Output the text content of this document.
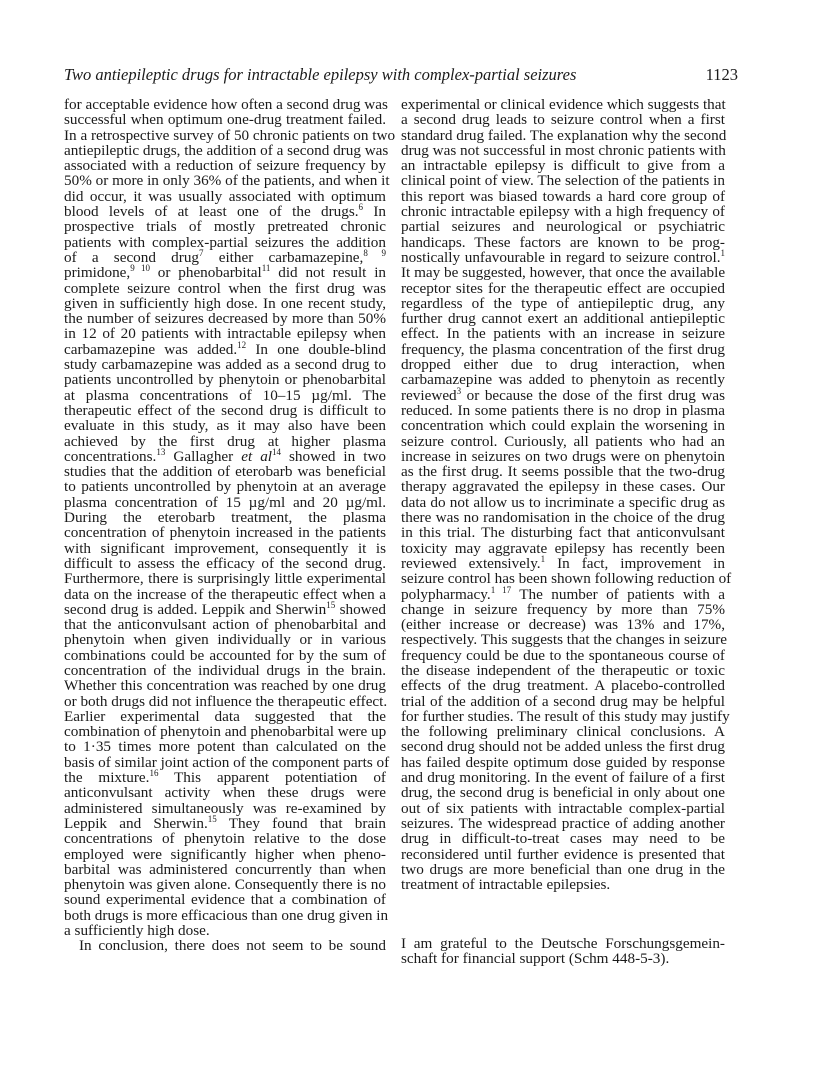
Two antiepileptic drugs for intractable epilepsy with complex-partial seizures	1123
for acceptable evidence how often a second drug was
successful when optimum one-drug treatment failed.
In a retrospective survey of 50 chronic patients on two
antiepileptic drugs, the addition of a second drug was
associated with a reduction of seizure frequency by
50% or more in only 36% of the patients, and when it
did occur, it was usually associated with optimum
blood levels of at least one of the drugs.$^6$ In
prospective trials of mostly pretreated chronic
patients with complex-partial seizures the addition
of a second drug$^7$ either carbamazepine,$^{8 9}$
primidone,$^{9 10}$ or phenobarbital$^{11}$ did not result in
complete seizure control when the first drug was
given in sufficiently high dose. In one recent study,
the number of seizures decreased by more than 50%
in 12 of 20 patients with intractable epilepsy when
carbamazepine was added.$^{12}$ In one double-blind
study carbamazepine was added as a second drug to
patients uncontrolled by phenytoin or phenobarbital
at plasma concentrations of 10–15 µg/ml. The
therapeutic effect of the second drug is difficult to
evaluate in this study, as it may also have been
achieved by the first drug at higher plasma
concentrations.$^{13}$ Gallagher et $al^{14}$ showed in two
studies that the addition of eterobarb was beneficial
to patients uncontrolled by phenytoin at an average
plasma concentration of 15 µg/ml and 20 µg/ml.
During the eterobarb treatment, the plasma
concentration of phenytoin increased in the patients
with significant improvement, consequently it is
difficult to assess the efficacy of the second drug.
Furthermore, there is surprisingly little experimental
data on the increase of the therapeutic effect when a
second drug is added. Leppik and Sherwin$^{15}$ showed
that the anticonvulsant action of phenobarbital and
phenytoin when given individually or in various
combinations could be accounted for by the sum of
concentration of the individual drugs in the brain.
Whether this concentration was reached by one drug
or both drugs did not influence the therapeutic effect.
Earlier experimental data suggested that the
combination of phenytoin and phenobarbital were up
to 1·35 times more potent than calculated on the
basis of similar joint action of the component parts of
the mixture.$^{16}$ This apparent potentiation of
anticonvulsant activity when these drugs were
administered simultaneously was re-examined by
Leppik and Sherwin.$^{15}$ They found that brain
concentrations of phenytoin relative to the dose
employed were significantly higher when pheno-
barbital was administered concurrently than when
phenytoin was given alone. Consequently there is no
sound experimental evidence that a combination of
both drugs is more efficacious than one drug given in
a sufficiently high dose.
In conclusion, there does not seem to be sound
experimental or clinical evidence which suggests that
a second drug leads to seizure control when a first
standard drug failed. The explanation why the second
drug was not successful in most chronic patients with
an intractable epilepsy is difficult to give from a
clinical point of view. The selection of the patients in
this report was biased towards a hard core group of
chronic intractable epilepsy with a high frequency of
partial seizures and neurological or psychiatric
handicaps. These factors are known to be prog-
nostically unfavourable in regard to seizure control.$^1$
It may be suggested, however, that once the available
receptor sites for the therapeutic effect are occupied
regardless of the type of antiepileptic drug, any
further drug cannot exert an additional antiepileptic
effect. In the patients with an increase in seizure
frequency, the plasma concentration of the first drug
dropped either due to drug interaction, when
carbamazepine was added to phenytoin as recently
reviewed$^3$ or because the dose of the first drug was
reduced. In some patients there is no drop in plasma
concentration which could explain the worsening in
seizure control. Curiously, all patients who had an
increase in seizures on two drugs were on phenytoin
as the first drug. It seems possible that the two-drug
therapy aggravated the epilepsy in these cases. Our
data do not allow us to incriminate a specific drug as
there was no randomisation in the choice of the drug
in this trial. The disturbing fact that anticonvulsant
toxicity may aggravate epilepsy has recently been
reviewed extensively.$^1$ In fact, improvement in
seizure control has been shown following reduction of
polypharmacy.$^{1 17}$ The number of patients with a
change in seizure frequency by more than 75%
(either increase or decrease) was 13% and 17%,
respectively. This suggests that the changes in seizure
frequency could be due to the spontaneous course of
the disease independent of the therapeutic or toxic
effects of the drug treatment. A placebo-controlled
trial of the addition of a second drug may be helpful
for further studies. The result of this study may justify
the following preliminary clinical conclusions. A
second drug should not be added unless the first drug
has failed despite optimum dose guided by response
and drug monitoring. In the event of failure of a first
drug, the second drug is beneficial in only about one
out of six patients with intractable complex-partial
seizures. The widespread practice of adding another
drug in difficult-to-treat cases may need to be
reconsidered until further evidence is presented that
two drugs are more beneficial than one drug in the
treatment of intractable epilepsies.
I am grateful to the Deutsche Forschungsgemein-
schaft for financial support (Schm 448-5-3).
